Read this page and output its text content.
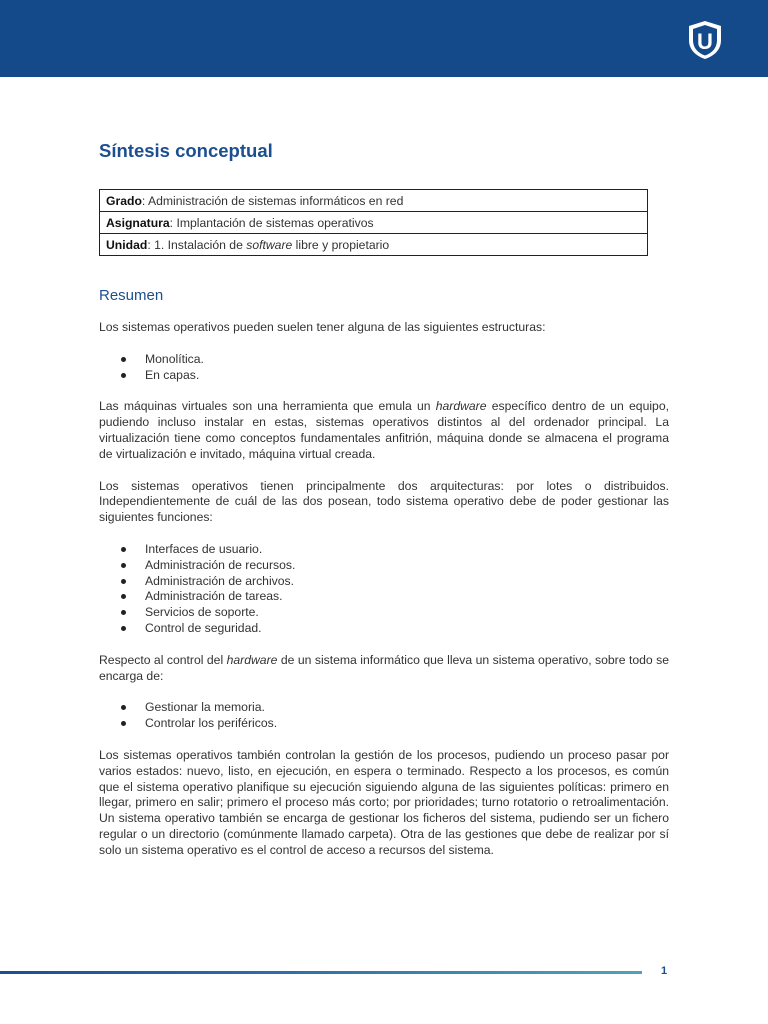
U
Síntesis conceptual
Grado: Administración de sistemas informáticos en red
Asignatura: Implantación de sistemas operativos
Unidad: 1. Instalación de software libre y propietario
Resumen

Los sistemas operativos pueden suelen tener alguna de las siguientes estructuras:

Monolítica.
En capas.

Las máquinas virtuales son una herramienta que emula un hardware específico dentro de un equipo, pudiendo incluso instalar en estas, sistemas operativos distintos al del ordenador principal. La virtualización tiene como conceptos fundamentales anfitrión, máquina donde se almacena el programa de virtualización e invitado, máquina virtual creada.

Los sistemas operativos tienen principalmente dos arquitecturas: por lotes o distribuidos. Independientemente de cuál de las dos posean, todo sistema operativo debe de poder gestionar las siguientes funciones:

Interfaces de usuario.
Administración de recursos.
Administración de archivos.
Administración de tareas.
Servicios de soporte.
Control de seguridad.

Respecto al control del hardware de un sistema informático que lleva un sistema operativo, sobre todo se encarga de:

Gestionar la memoria.
Controlar los periféricos.

Los sistemas operativos también controlan la gestión de los procesos, pudiendo un proceso pasar por varios estados: nuevo, listo, en ejecución, en espera o terminado. Respecto a los procesos, es común que el sistema operativo planifique su ejecución siguiendo alguna de las siguientes políticas: primero en llegar, primero en salir; primero el proceso más corto; por prioridades; turno rotatorio o retroalimentación. Un sistema operativo también se encarga de gestionar los ficheros del sistema, pudiendo ser un fichero regular o un directorio (comúnmente llamado carpeta). Otra de las gestiones que debe de realizar por sí solo un sistema operativo es el control de acceso a recursos del sistema.

1
